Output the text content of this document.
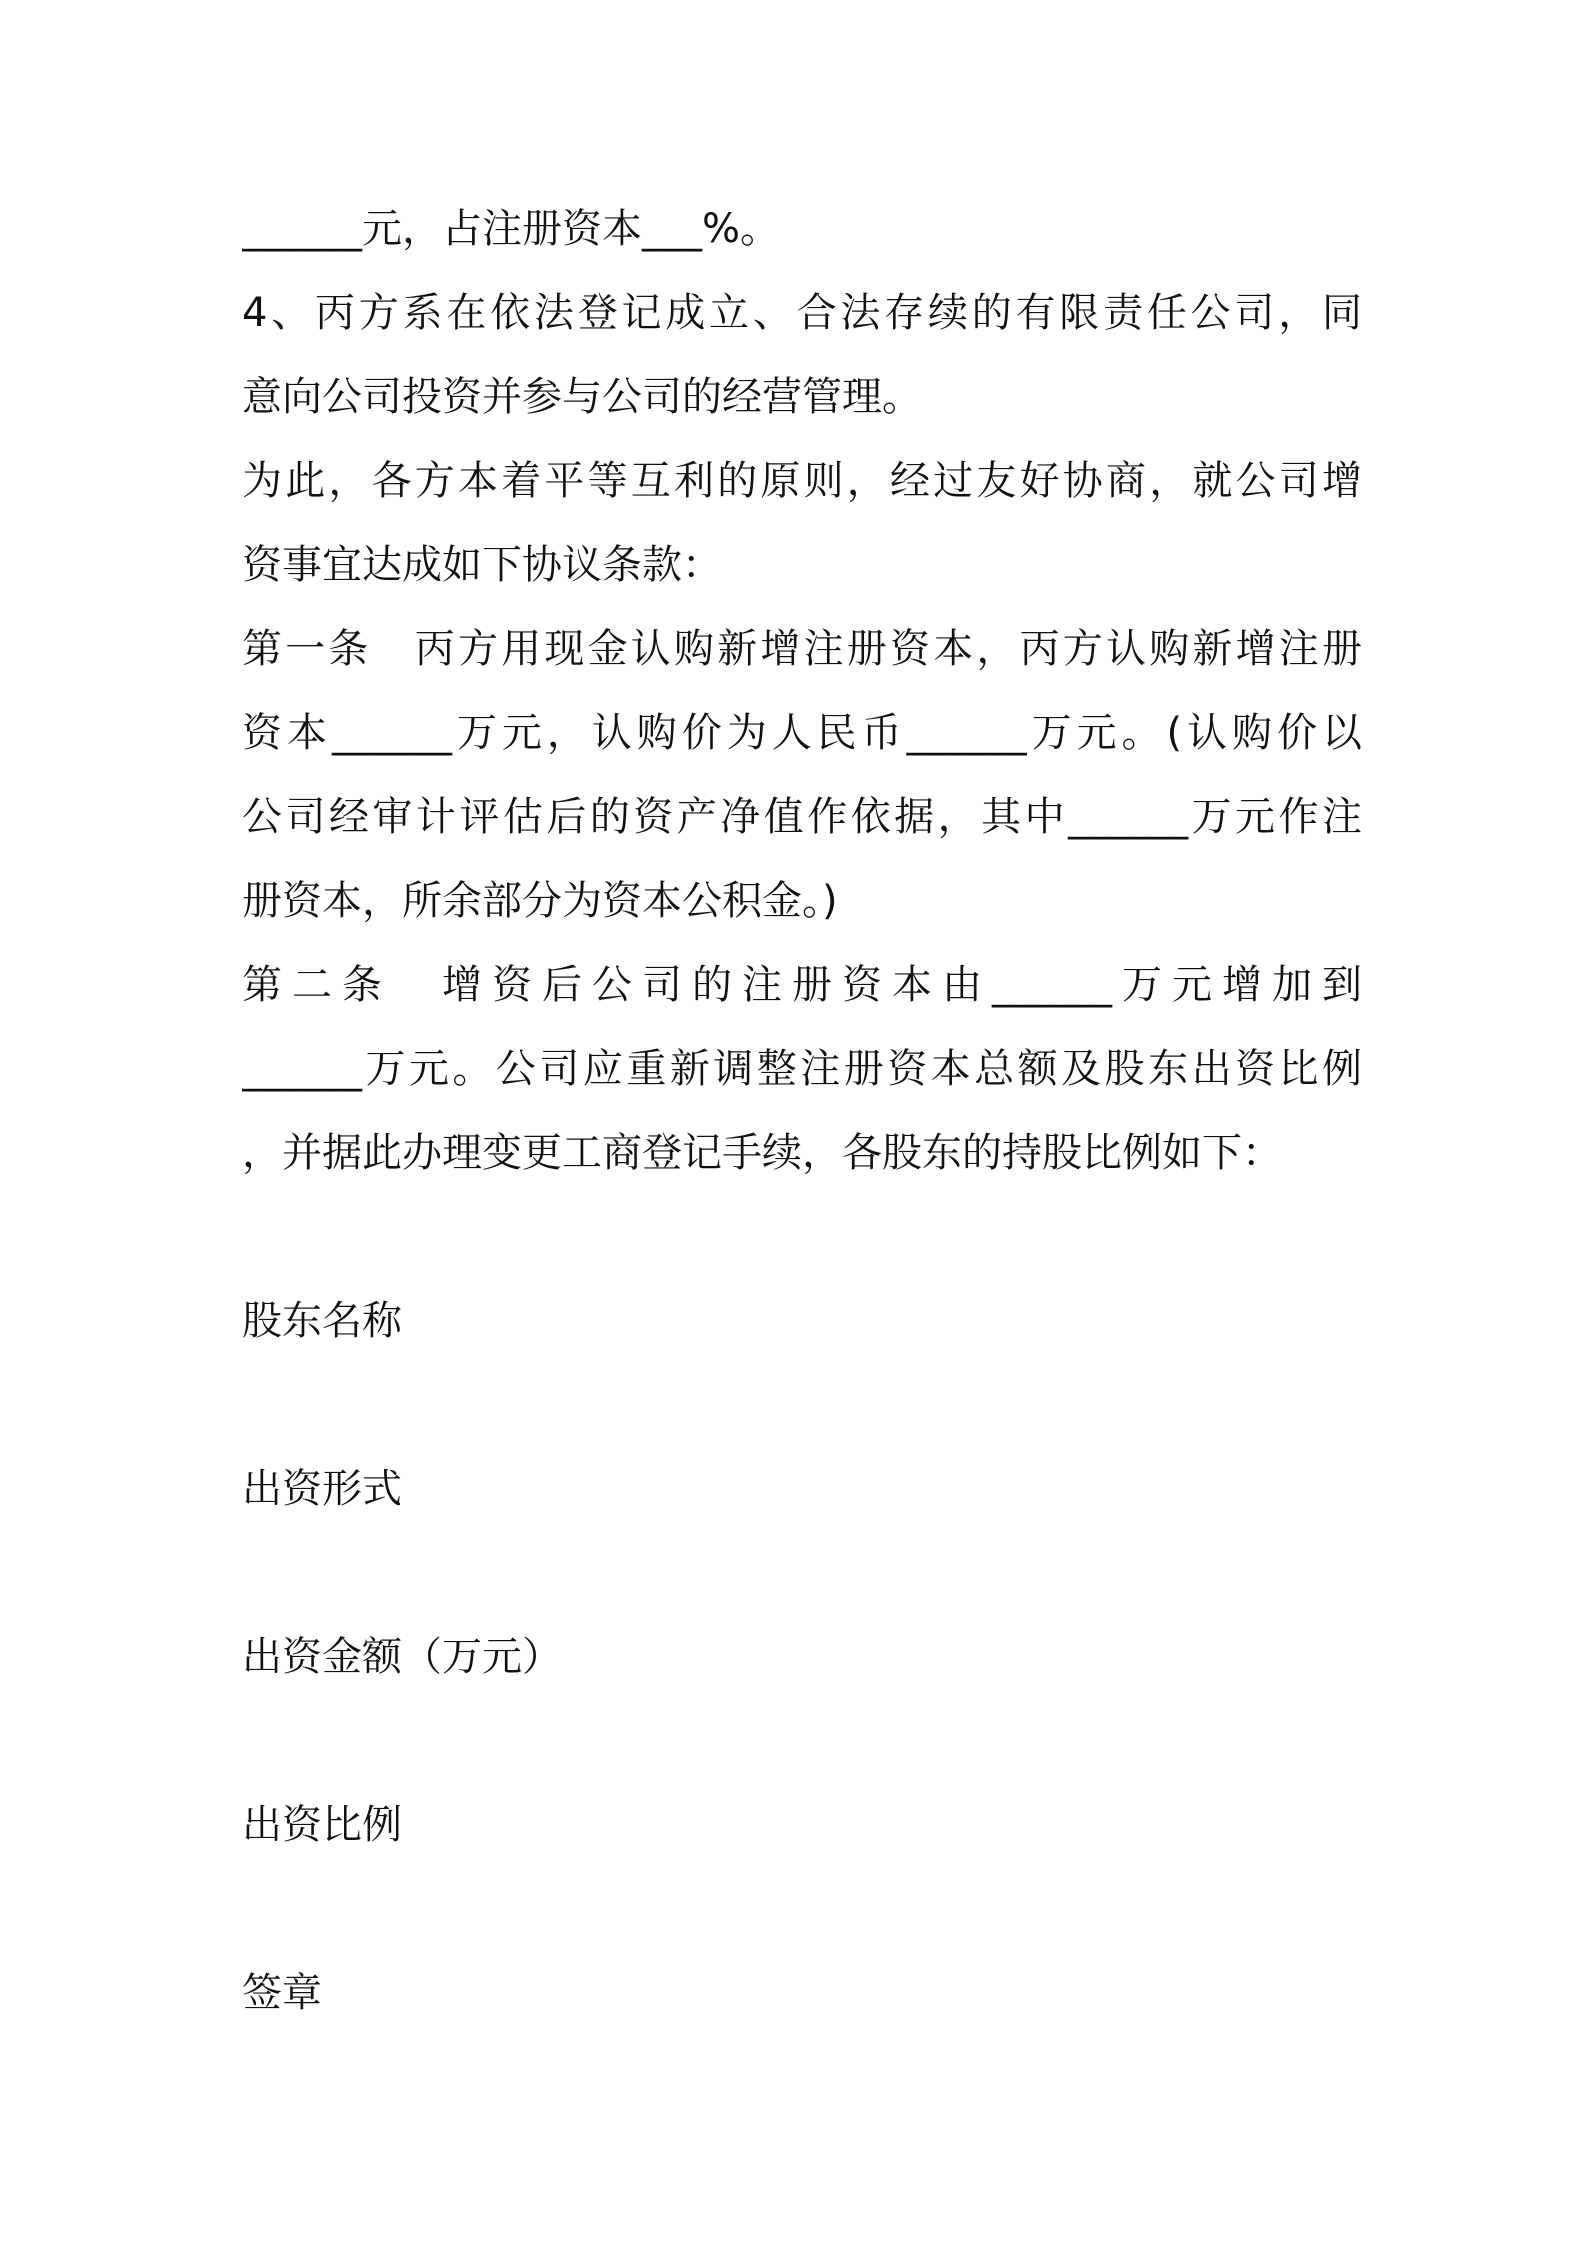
______元，占注册资本___%。
4、丙方系在依法登记成立、合法存续的有限责任公司，同
意向公司投资并参与公司的经营管理。
为此，各方本着平等互利的原则，经过友好协商，就公司增
资事宜达成如下协议条款：
第一条　丙方用现金认购新增注册资本，丙方认购新增注册
资本______万元，认购价为人民币______万元。(认购价以
公司经审计评估后的资产净值作依据，其中______万元作注
册资本，所余部分为资本公积金。)
第二条　增资后公司的注册资本由______万元增加到
______万元。公司应重新调整注册资本总额及股东出资比例
，并据此办理变更工商登记手续，各股东的持股比例如下：
股东名称
出资形式
出资金额（万元）
出资比例
签章
